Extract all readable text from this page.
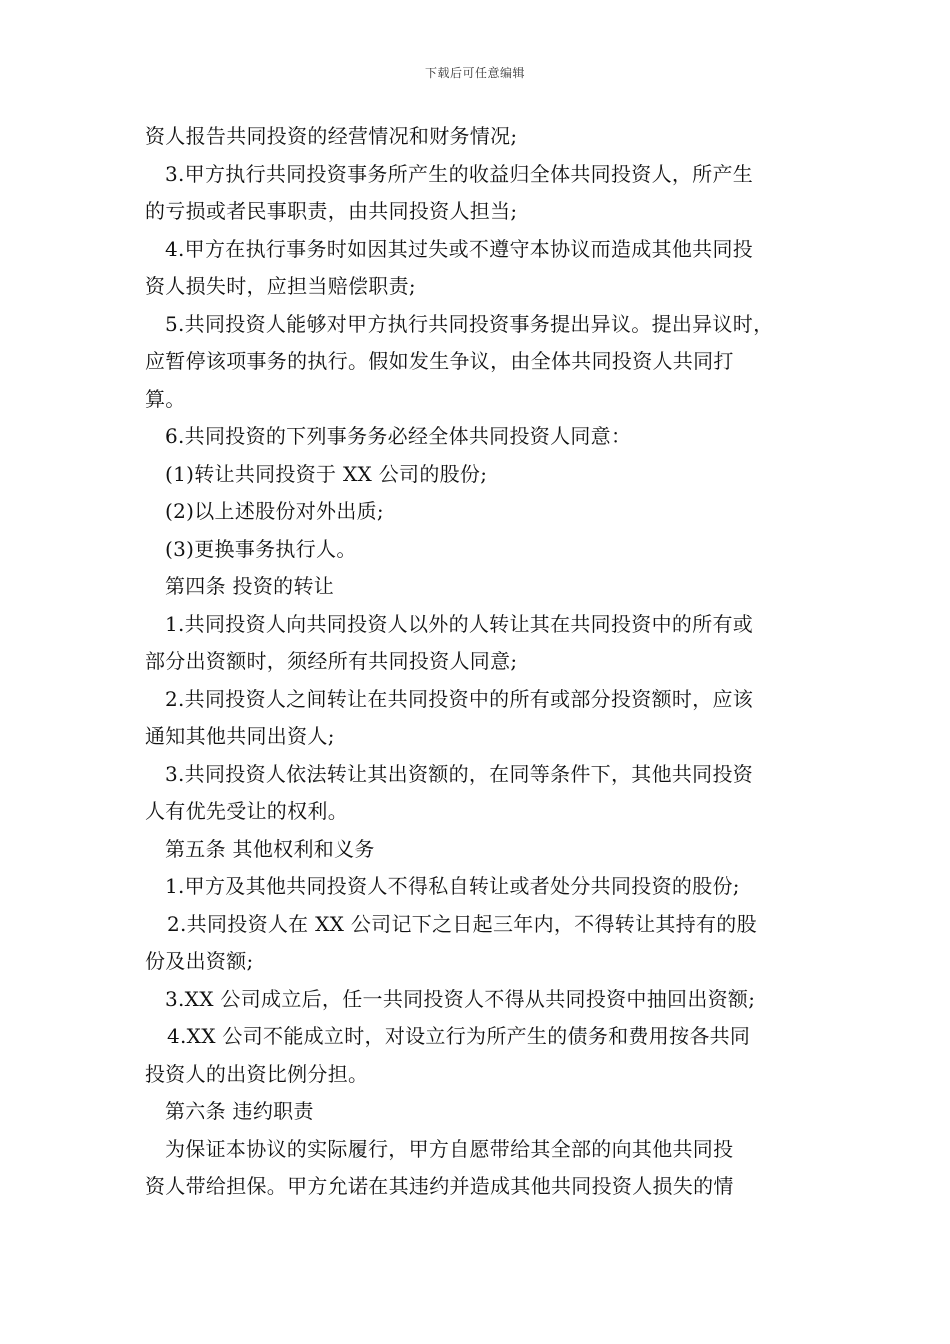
下载后可任意编辑
资人报告共同投资的经营情况和财务情况;
3.甲方执行共同投资事务所产生的收益归全体共同投资人，所产生
的亏损或者民事职责，由共同投资人担当;
4.甲方在执行事务时如因其过失或不遵守本协议而造成其他共同投
资人损失时，应担当赔偿职责;
5.共同投资人能够对甲方执行共同投资事务提出异议。提出异议时，
应暂停该项事务的执行。假如发生争议，由全体共同投资人共同打
算。
6.共同投资的下列事务务必经全体共同投资人同意：
(1)转让共同投资于 XX 公司的股份;
(2)以上述股份对外出质;
(3)更换事务执行人。
第四条 投资的转让
1.共同投资人向共同投资人以外的人转让其在共同投资中的所有或
部分出资额时，须经所有共同投资人同意;
2.共同投资人之间转让在共同投资中的所有或部分投资额时，应该
通知其他共同出资人;
3.共同投资人依法转让其出资额的，在同等条件下，其他共同投资
人有优先受让的权利。
第五条 其他权利和义务
1.甲方及其他共同投资人不得私自转让或者处分共同投资的股份;
2.共同投资人在 XX 公司记下之日起三年内，不得转让其持有的股
份及出资额;
3.XX 公司成立后，任一共同投资人不得从共同投资中抽回出资额;
4.XX 公司不能成立时，对设立行为所产生的债务和费用按各共同
投资人的出资比例分担。
第六条 违约职责
为保证本协议的实际履行，甲方自愿带给其全部的向其他共同投
资人带给担保。甲方允诺在其违约并造成其他共同投资人损失的情
